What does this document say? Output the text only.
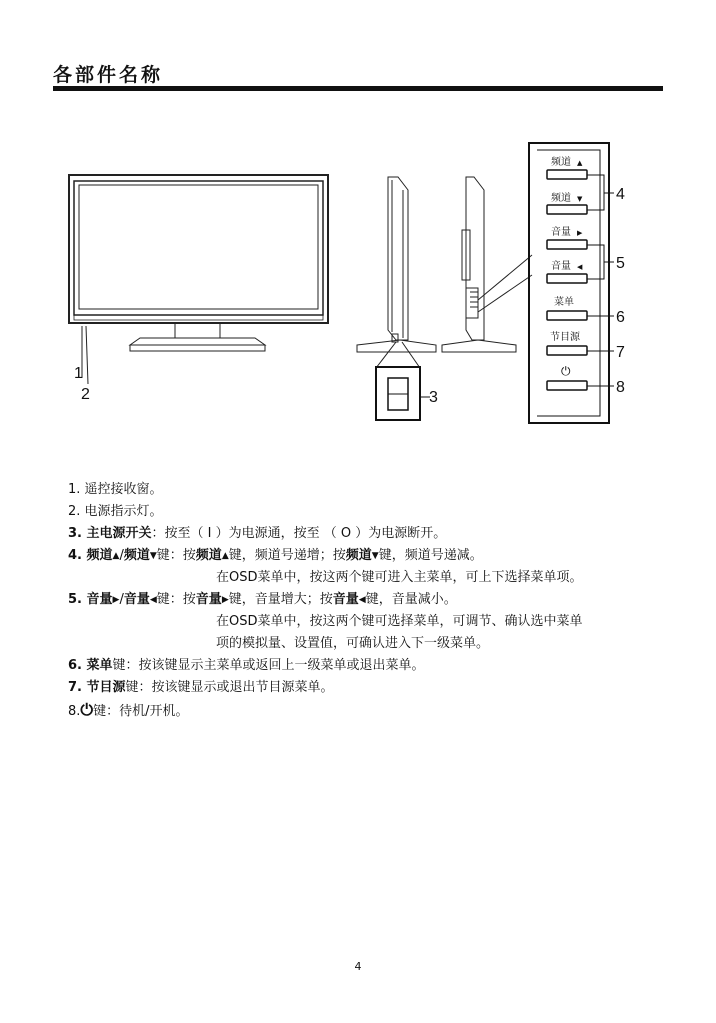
各部件名称
1
2	3
频道 ▲
频道 ▼
音量 ▶
音量 ◀
菜单
节目源
⏻
4
5
6
7
8
1. 遥控接收窗。
2. 电源指示灯。
3. 主电源开关：按至（ I ）为电源通，按至 （ O ）为电源断开。
4. 频道▲/频道▼键：按频道▲键，频道号递增；按频道▼键，频道号递减。
在OSD菜单中，按这两个键可进入主菜单，可上下选择菜单项。
5. 音量▶/音量◀键：按音量▶键，音量增大；按音量◀键，音量减小。
在OSD菜单中，按这两个键可选择菜单，可调节、确认选中菜单
项的模拟量、设置值，可确认进入下一级菜单。
6. 菜单键：按该键显示主菜单或返回上一级菜单或退出菜单。
7. 节目源键：按该键显示或退出节目源菜单。
8.⏻键：待机/开机。
4
